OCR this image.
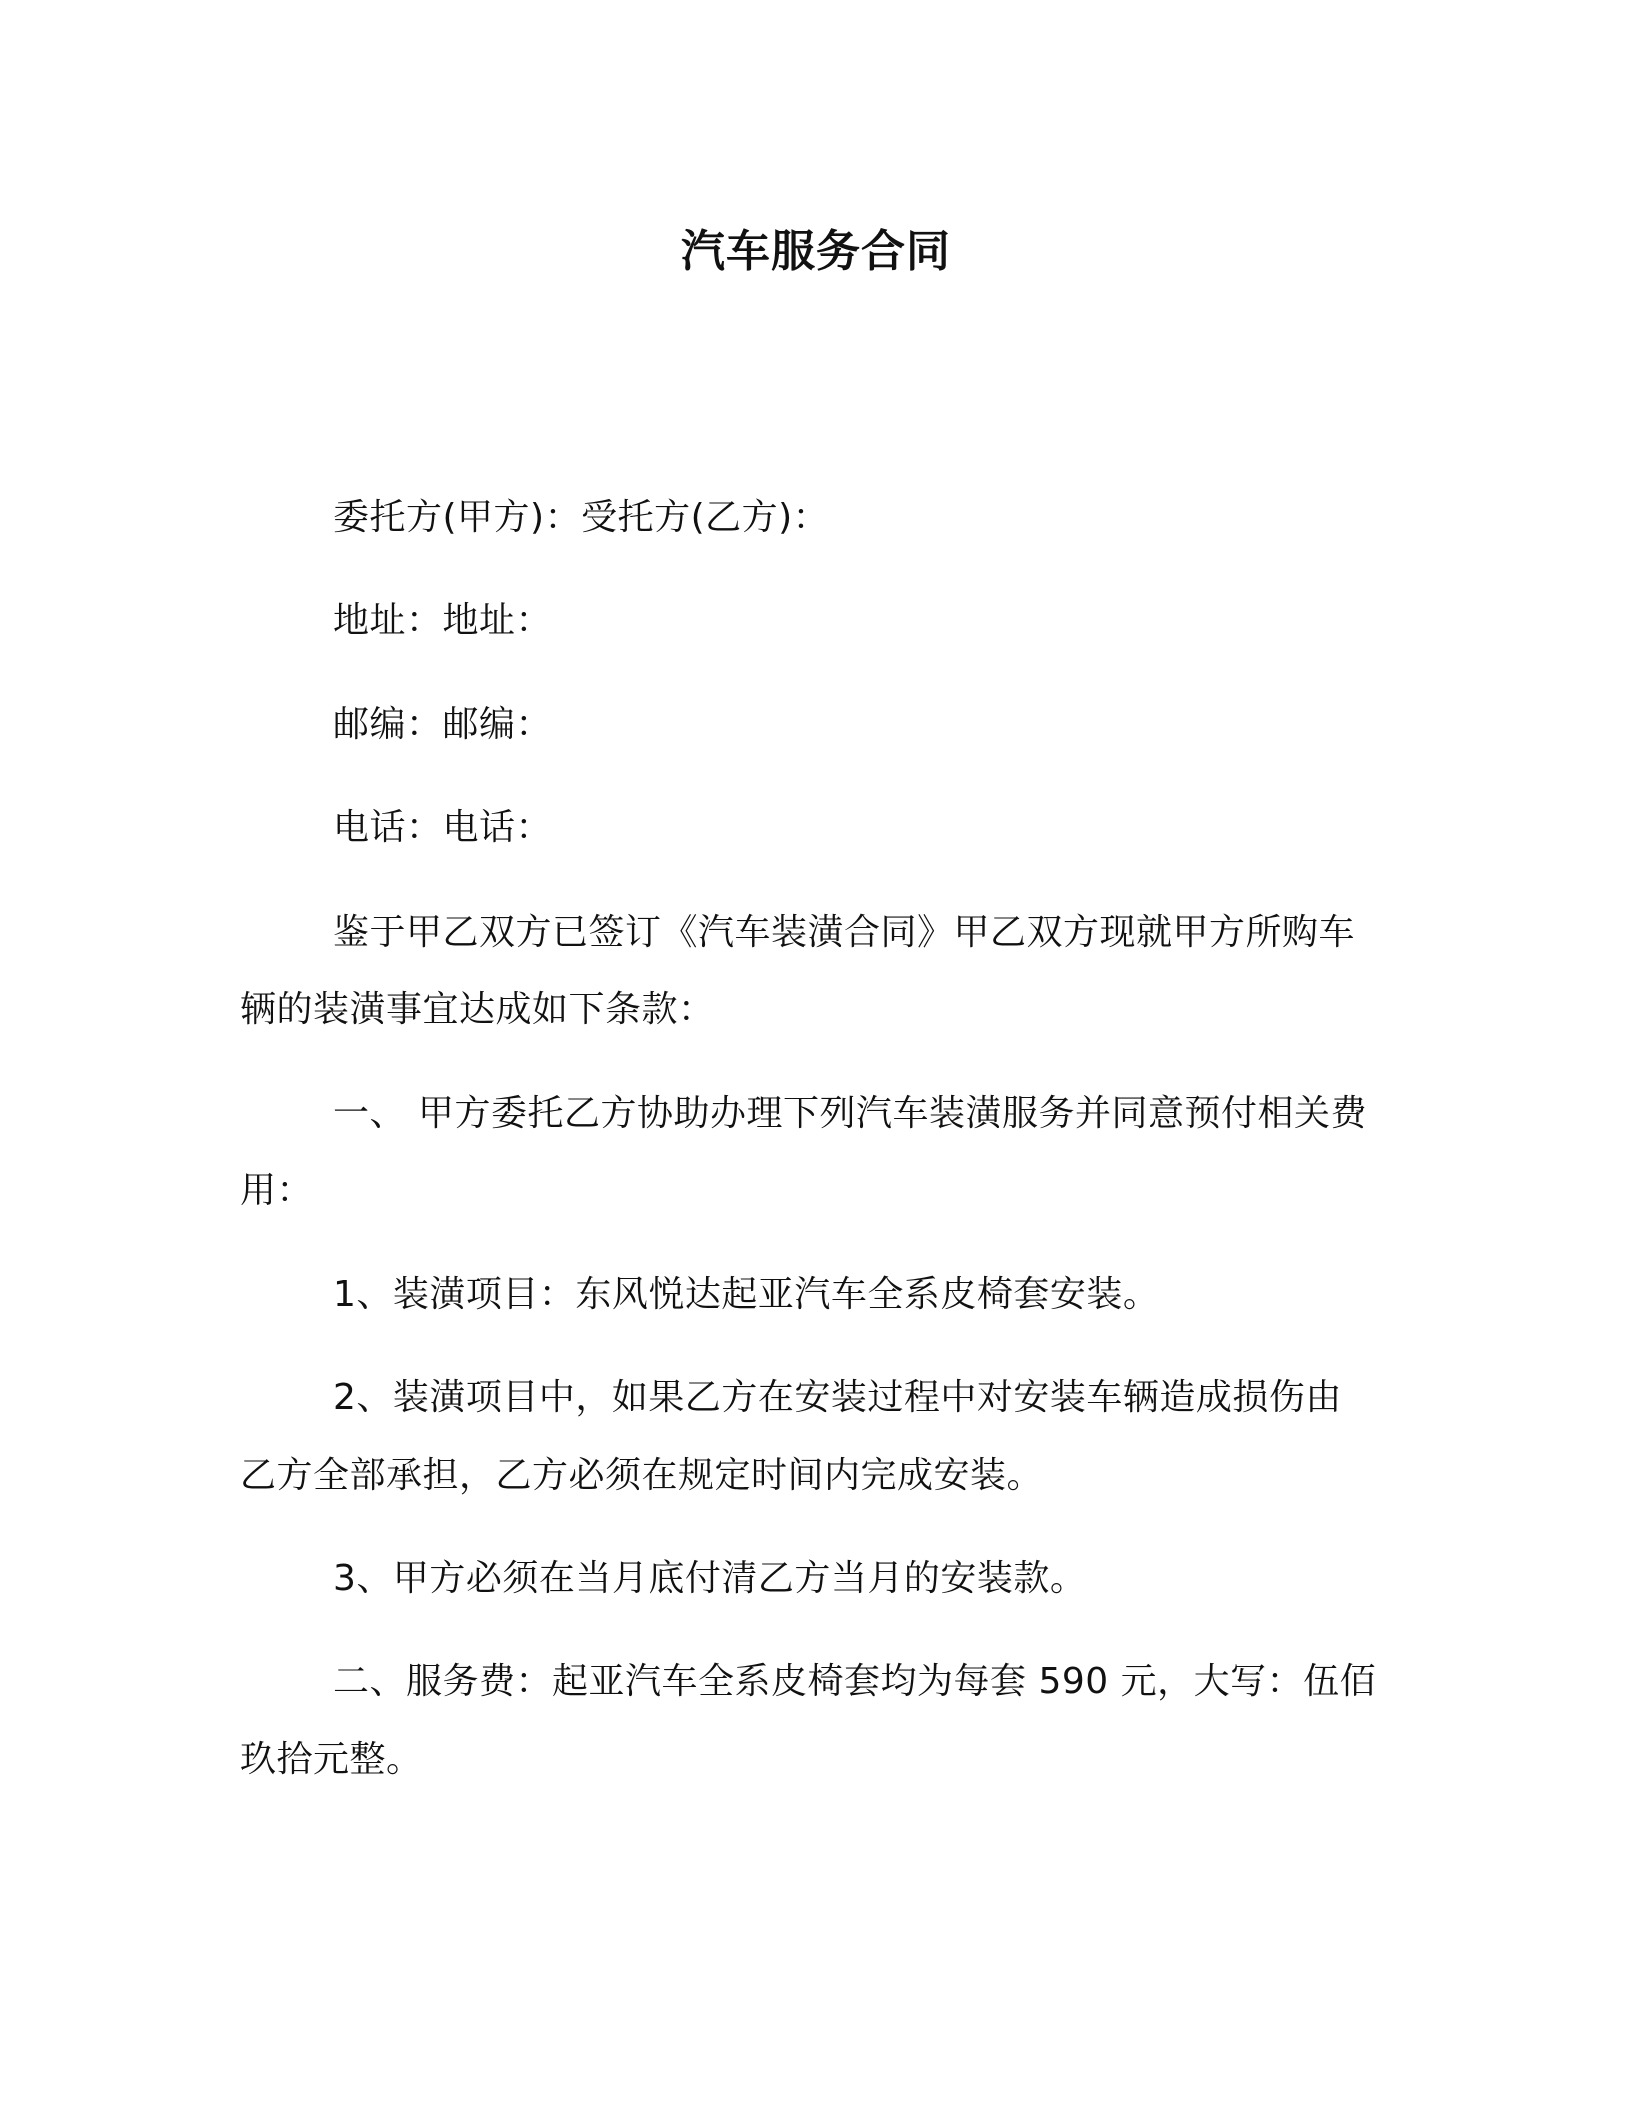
汽车服务合同
委托方(甲方)：受托方(乙方)：
地址：地址：
邮编：邮编：
电话：电话：
鉴于甲乙双方已签订《汽车装潢合同》甲乙双方现就甲方所购车
辆的装潢事宜达成如下条款：
一、 甲方委托乙方协助办理下列汽车装潢服务并同意预付相关费
用：
1、装潢项目：东风悦达起亚汽车全系皮椅套安装。
2、装潢项目中，如果乙方在安装过程中对安装车辆造成损伤由
乙方全部承担，乙方必须在规定时间内完成安装。
3、甲方必须在当月底付清乙方当月的安装款。
二、服务费：起亚汽车全系皮椅套均为每套 590 元，大写：伍佰
玖拾元整。
